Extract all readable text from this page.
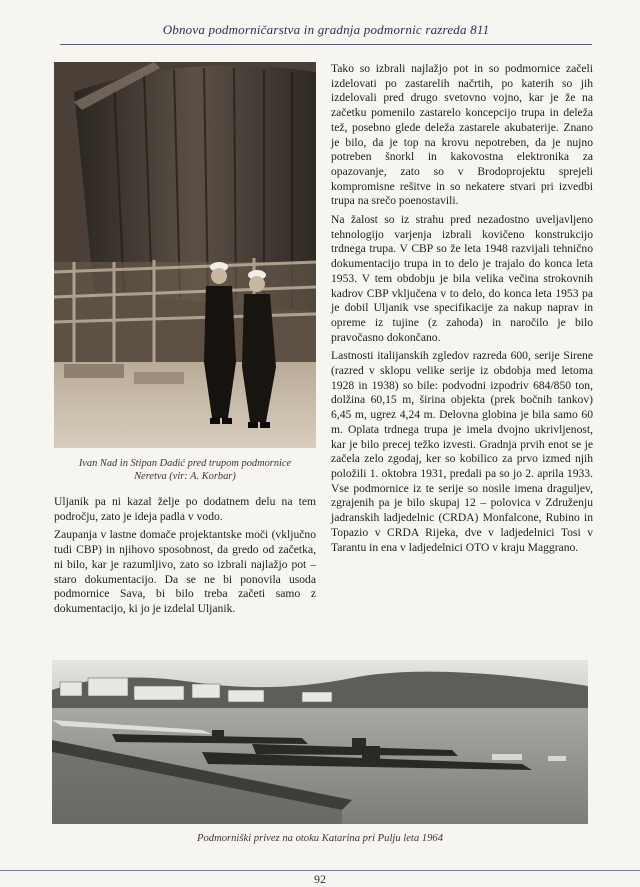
Obnova podmorničarstva in gradnja podmornic razreda 811
Ivan Nad in Stipan Dadić pred trupom podmornice Neretva (vir: A. Korbar)

Uljanik pa ni kazal želje po dodatnem delu na tem področju, zato je ideja padla v vodo.

Zaupanja v lastne domače projektantske moči (vključno tudi CBP) in njihovo sposobnost, da gredo od začetka, ni bilo, kar je razumljivo, zato so izbrali najlažjo pot – staro dokumentacijo. Da se ne bi ponovila usoda podmornice Sava, bi bilo treba začeti samo z dokumentacijo, ki jo je izdelal Uljanik.

Tako so izbrali najlažjo pot in so podmornice začeli izdelovati po zastarelih načrtih, po katerih so jih izdelovali pred drugo svetovno vojno, kar je že na začetku pomenilo zastarelo koncepcijo trupa in deleža tež, posebno glede deleža zastarele akubaterije. Znano je bilo, da je top na krovu nepotreben, da je nujno potreben šnorkl in kakovostna elektronika za opazovanje, zato so v Brodoprojektu sprejeli kompromisne rešitve in so nekatere stvari pri izvedbi trupa na srečo poenostavili.

Na žalost so iz strahu pred nezadostno uveljavljeno tehnologijo varjenja izbrali kovičeno konstrukcijo trdnega trupa. V CBP so že leta 1948 razvijali tehnično dokumentacijo trupa in to delo je trajalo do konca leta 1953. V tem obdobju je bila velika večina strokovnih kadrov CBP vključena v to delo, do konca leta 1953 pa je dobil Uljanik vse specifikacije za nakup naprav in opreme iz tujine (z zahoda) in naročilo je bilo pravočasno dokončano.

Lastnosti italijanskih zgledov razreda 600, serije Sirene (razred v sklopu velike serije iz obdobja med letoma 1928 in 1938) so bile: podvodni izpodriv 684/850 ton, dolžina 60,15 m, širina objekta (prek bočnih tankov) 6,45 m, ugrez 4,24 m. Delovna globina je bila samo 60 m. Oplata trdnega trupa je imela dvojno ukrivljenost, kar je bilo precej težko izvesti. Gradnja prvih enot se je začela zelo zgodaj, ker so kobilico za prvo izmed njih položili 1. oktobra 1931, predali pa so jo 2. aprila 1933. Vse podmornice iz te serije so nosile imena draguljev, zgrajenih pa je bilo skupaj 12 – polovica v Združenju jadranskih ladjedelnic (CRDA) Monfalcone, Rubino in Topazio v CRDA Rijeka, dve v ladjedelnici Tosi v Tarantu in ena v ladjedelnici OTO v kraju Maggrano.

Podmorniški privez na otoku Katarina pri Pulju leta 1964
92
